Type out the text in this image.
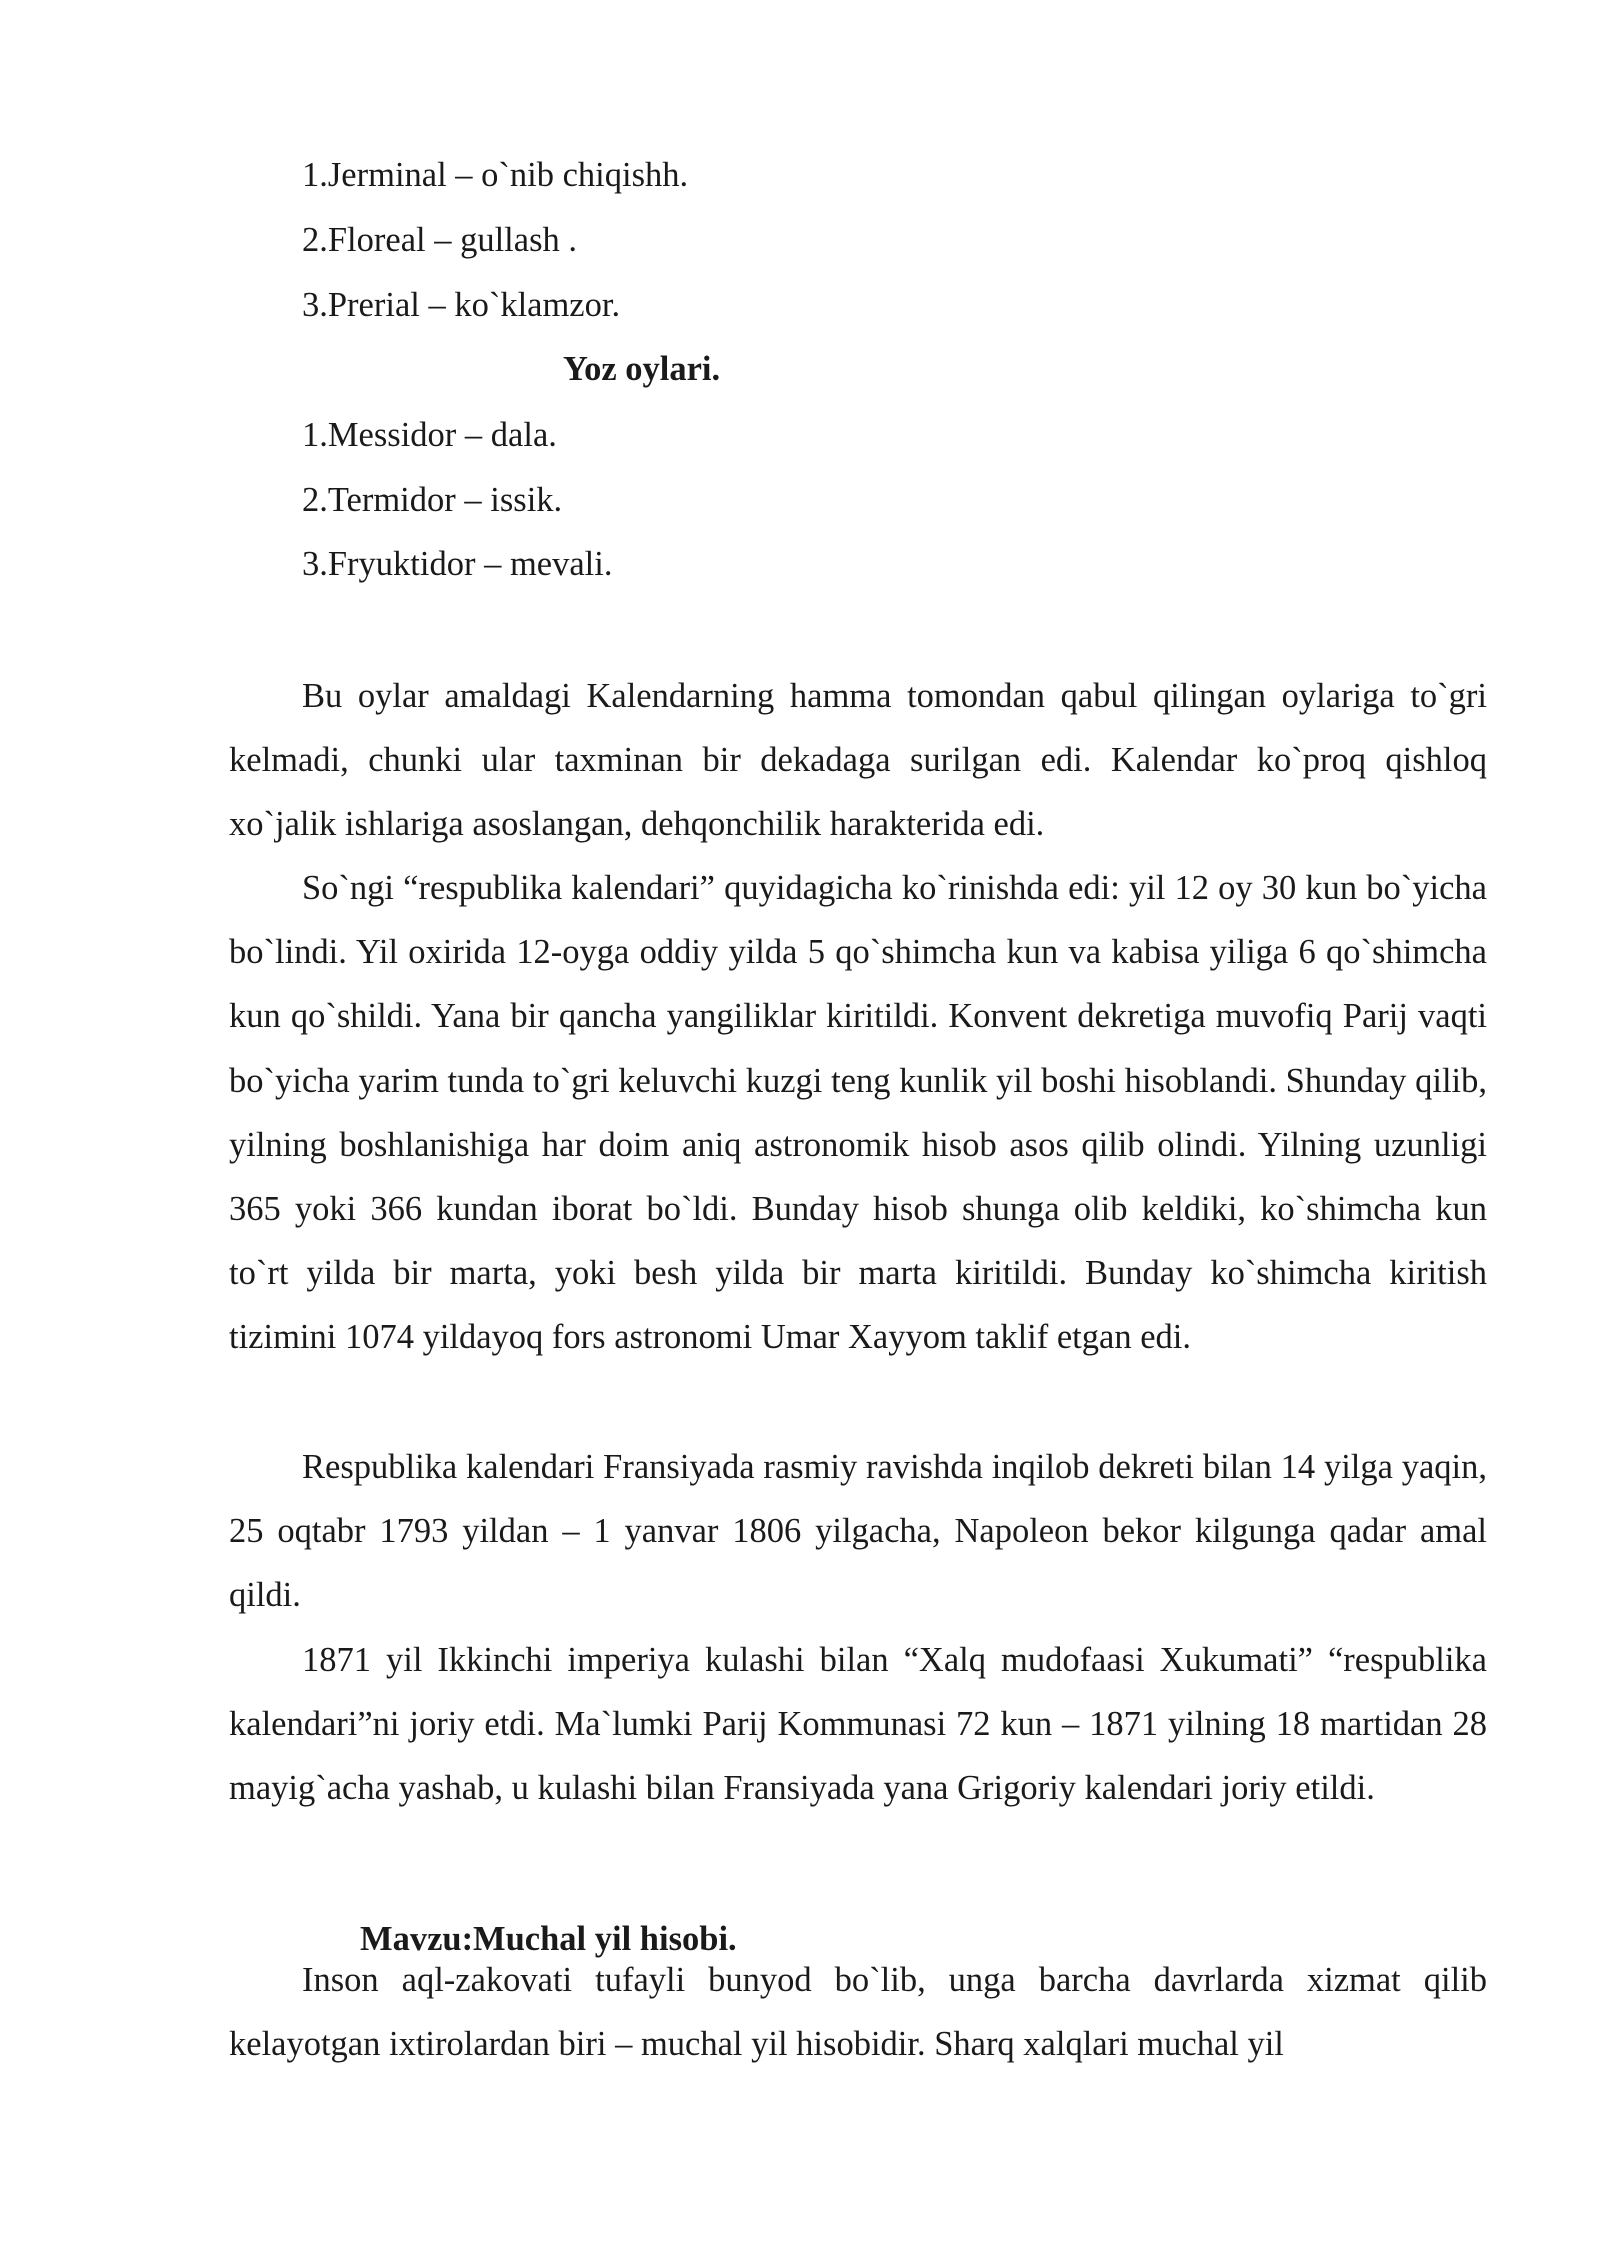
1.Jerminal – o`nib chiqishh.
2.Floreal – gullash .
3.Prerial – ko`klamzor.
Yoz oylari.
1.Messidor – dala.
2.Termidor – issik.
3.Fryuktidor – mevali.

Bu oylar amaldagi Kalendarning hamma tomondan qabul qilingan oylariga to`gri kelmadi, chunki ular taxminan bir dekadaga surilgan edi. Kalendar ko`proq qishloq xo`jalik ishlariga asoslangan, dehqonchilik harakterida edi.

So`ngi “respublika kalendari” quyidagicha ko`rinishda edi: yil 12 oy 30 kun bo`yicha bo`lindi. Yil oxirida 12-oyga oddiy yilda 5 qo`shimcha kun va kabisa yiliga 6 qo`shimcha kun qo`shildi. Yana bir qancha yangiliklar kiritildi. Konvent dekretiga muvofiq Parij vaqti bo`yicha yarim tunda to`gri keluvchi kuzgi teng kunlik yil boshi hisoblandi. Shunday qilib, yilning boshlanishiga har doim aniq astronomik hisob asos qilib olindi. Yilning uzunligi 365 yoki 366 kundan iborat bo`ldi. Bunday hisob shunga olib keldiki, ko`shimcha kun to`rt yilda bir marta, yoki besh yilda bir marta kiritildi. Bunday ko`shimcha kiritish tizimini 1074 yildayoq fors astronomi Umar Xayyom taklif etgan edi.

Respublika kalendari Fransiyada rasmiy ravishda inqilob dekreti bilan 14 yilga yaqin, 25 oqtabr 1793 yildan – 1 yanvar 1806 yilgacha, Napoleon bekor kilgunga qadar amal qildi.

1871 yil Ikkinchi imperiya kulashi bilan “Xalq mudofaasi Xukumati” “respublika kalendari”ni joriy etdi. Ma`lumki Parij Kommunasi 72 kun – 1871 yilning 18 martidan 28 mayig`acha yashab, u kulashi bilan Fransiyada yana Grigoriy kalendari joriy etildi.

Mavzu:Muchal yil hisobi.

Inson aql-zakovati tufayli bunyod bo`lib, unga barcha davrlarda xizmat qilib kelayotgan ixtirolardan biri – muchal yil hisobidir. Sharq xalqlari muchal yil
